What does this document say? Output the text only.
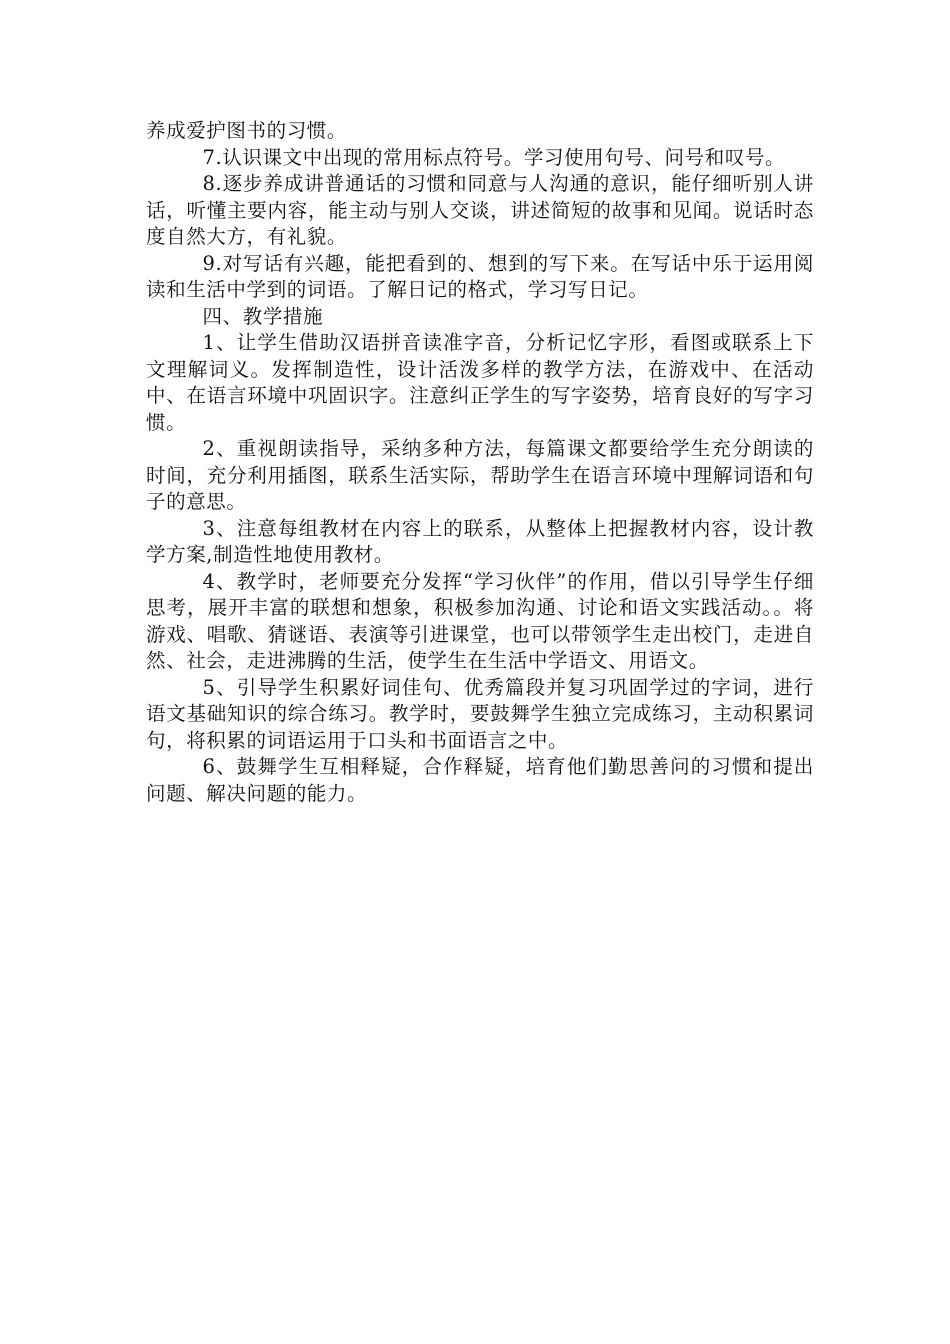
养成爱护图书的习惯。

7.认识课文中出现的常用标点符号。学习使用句号、问号和叹号。

8.逐步养成讲普通话的习惯和同意与人沟通的意识，能仔细听别人讲话，听懂主要内容，能主动与别人交谈，讲述简短的故事和见闻。说话时态度自然大方，有礼貌。

9.对写话有兴趣，能把看到的、想到的写下来。在写话中乐于运用阅读和生活中学到的词语。了解日记的格式，学习写日记。

四、教学措施

1、让学生借助汉语拼音读准字音，分析记忆字形，看图或联系上下文理解词义。发挥制造性，设计活泼多样的教学方法，在游戏中、在活动中、在语言环境中巩固识字。注意纠正学生的写字姿势，培育良好的写字习惯。

2、重视朗读指导，采纳多种方法，每篇课文都要给学生充分朗读的时间，充分利用插图，联系生活实际，帮助学生在语言环境中理解词语和句子的意思。

3、注意每组教材在内容上的联系，从整体上把握教材内容，设计教学方案,制造性地使用教材。

4、教学时，老师要充分发挥“学习伙伴”的作用，借以引导学生仔细思考，展开丰富的联想和想象，积极参加沟通、讨论和语文实践活动。。将游戏、唱歌、猜谜语、表演等引进课堂，也可以带领学生走出校门，走进自然、社会，走进沸腾的生活，使学生在生活中学语文、用语文。

5、引导学生积累好词佳句、优秀篇段并复习巩固学过的字词，进行语文基础知识的综合练习。教学时，要鼓舞学生独立完成练习，主动积累词句，将积累的词语运用于口头和书面语言之中。

6、鼓舞学生互相释疑，合作释疑，培育他们勤思善问的习惯和提出问题、解决问题的能力。
